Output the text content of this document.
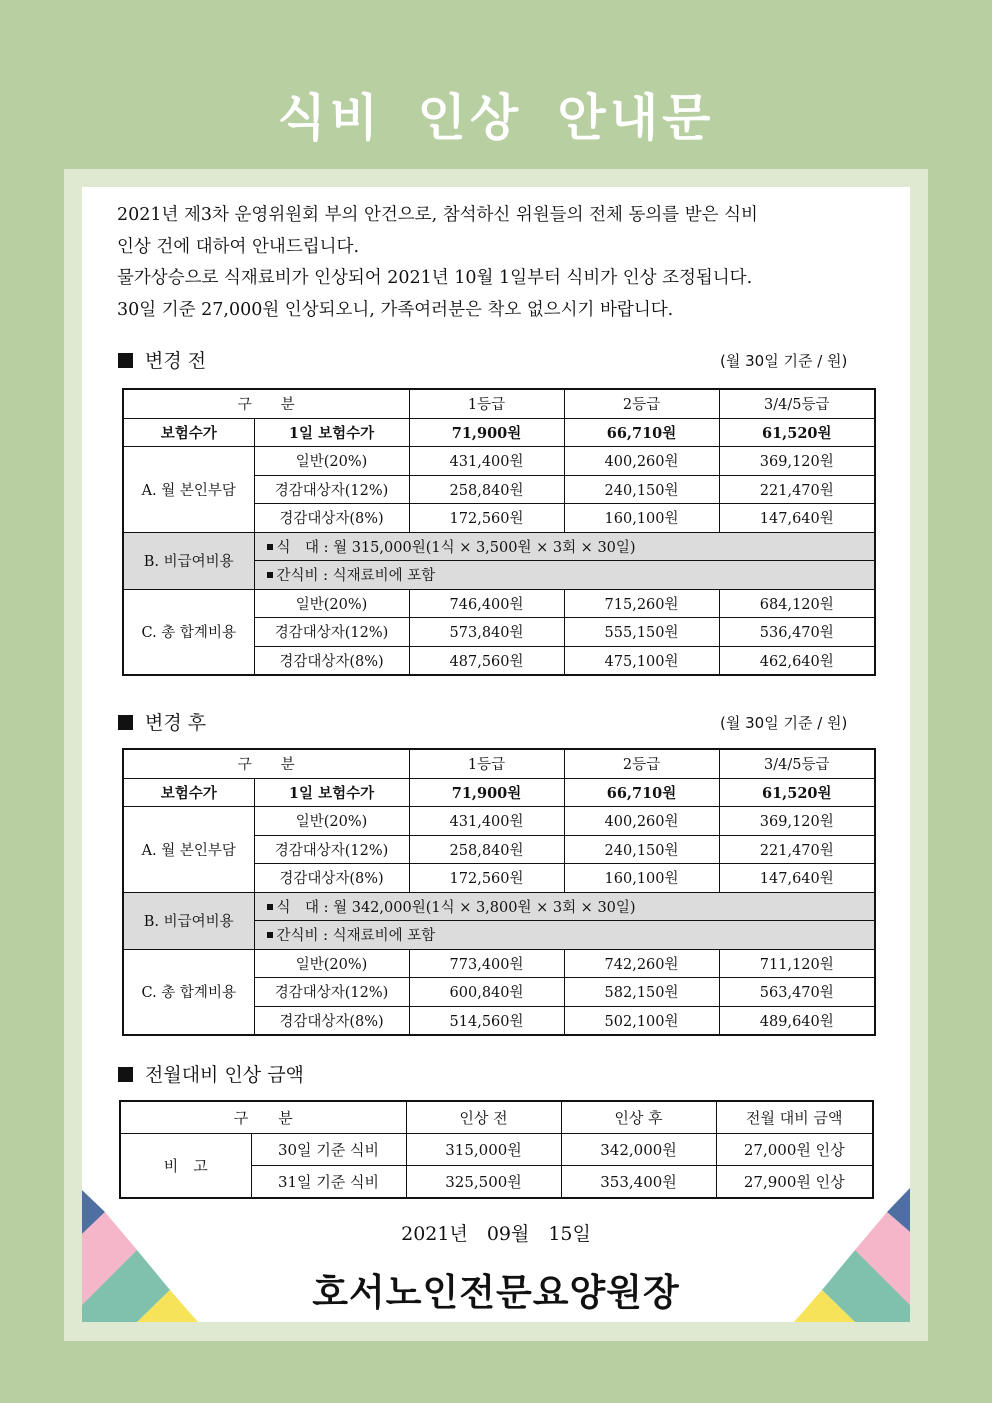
식비 인상 안내문

2021년 제3차 운영위원회 부의 안건으로, 참석하신 위원들의 전체 동의를 받은 식비

인상 건에 대하여 안내드립니다.

물가상승으로 식재료비가 인상되어 2021년 10월 1일부터 식비가 인상 조정됩니다.

30일 기준 27,000원 인상되오니, 가족여러분은 착오 없으시기 바랍니다.

변경 전	(월 30일 기준 / 원)
구　　분		1등급	2등급	3/4/5등급
보험수가	1일 보험수가	71,900원	66,710원	61,520원
A. 월 본인부담	일반(20%)	431,400원	400,260원	369,120원
	경감대상자(12%)	258,840원	240,150원	221,470원
	경감대상자(8%)	172,560원	160,100원	147,640원
B. 비급여비용	식　대 : 월 315,000원(1식 × 3,500원 × 3회 × 30일)			
	간식비 : 식재료비에 포함			
C. 총 합계비용	일반(20%)	746,400원	715,260원	684,120원
	경감대상자(12%)	573,840원	555,150원	536,470원
	경감대상자(8%)	487,560원	475,100원	462,640원
변경 후	(월 30일 기준 / 원)
구　　분		1등급	2등급	3/4/5등급
보험수가	1일 보험수가	71,900원	66,710원	61,520원
A. 월 본인부담	일반(20%)	431,400원	400,260원	369,120원
	경감대상자(12%)	258,840원	240,150원	221,470원
	경감대상자(8%)	172,560원	160,100원	147,640원
B. 비급여비용	식　대 : 월 342,000원(1식 × 3,800원 × 3회 × 30일)			
	간식비 : 식재료비에 포함			
C. 총 합계비용	일반(20%)	773,400원	742,260원	711,120원
	경감대상자(12%)	600,840원	582,150원	563,470원
	경감대상자(8%)	514,560원	502,100원	489,640원
전월대비 인상 금액
구　　분		인상 전	인상 후	전월 대비 금액
비　고	30일 기준 식비	315,000원	342,000원	27,000원 인상
	31일 기준 식비	325,500원	353,400원	27,900원 인상
2021년　09월　15일
호서노인전문요양원장
